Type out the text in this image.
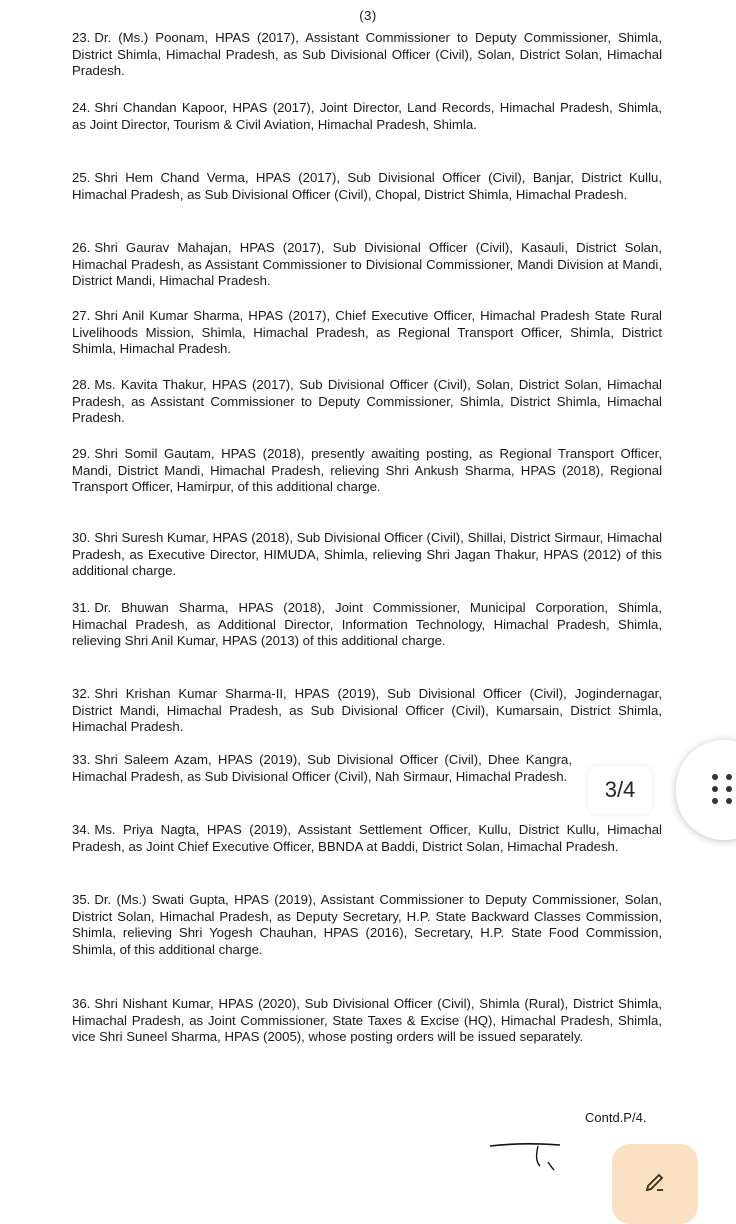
(3)
23. Dr. (Ms.) Poonam, HPAS (2017), Assistant Commissioner to Deputy Commissioner, Shimla, District Shimla, Himachal Pradesh, as Sub Divisional Officer (Civil), Solan, District Solan, Himachal Pradesh.
24. Shri Chandan Kapoor, HPAS (2017), Joint Director, Land Records, Himachal Pradesh, Shimla, as Joint Director, Tourism & Civil Aviation, Himachal Pradesh, Shimla.
25. Shri Hem Chand Verma, HPAS (2017), Sub Divisional Officer (Civil), Banjar, District Kullu, Himachal Pradesh, as Sub Divisional Officer (Civil), Chopal, District Shimla, Himachal Pradesh.
26. Shri Gaurav Mahajan, HPAS (2017), Sub Divisional Officer (Civil), Kasauli, District Solan, Himachal Pradesh, as Assistant Commissioner to Divisional Commissioner, Mandi Division at Mandi, District Mandi, Himachal Pradesh.
27. Shri Anil Kumar Sharma, HPAS (2017), Chief Executive Officer, Himachal Pradesh State Rural Livelihoods Mission, Shimla, Himachal Pradesh, as Regional Transport Officer, Shimla, District Shimla, Himachal Pradesh.
28. Ms. Kavita Thakur, HPAS (2017), Sub Divisional Officer (Civil), Solan, District Solan, Himachal Pradesh, as Assistant Commissioner to Deputy Commissioner, Shimla, District Shimla, Himachal Pradesh.
29. Shri Somil Gautam, HPAS (2018), presently awaiting posting, as Regional Transport Officer, Mandi, District Mandi, Himachal Pradesh, relieving Shri Ankush Sharma, HPAS (2018), Regional Transport Officer, Hamirpur, of this additional charge.
30. Shri Suresh Kumar, HPAS (2018), Sub Divisional Officer (Civil), Shillai, District Sirmaur, Himachal Pradesh, as Executive Director, HIMUDA, Shimla, relieving Shri Jagan Thakur, HPAS (2012) of this additional charge.
31. Dr. Bhuwan Sharma, HPAS (2018), Joint Commissioner, Municipal Corporation, Shimla, Himachal Pradesh, as Additional Director, Information Technology, Himachal Pradesh, Shimla, relieving Shri Anil Kumar, HPAS (2013) of this additional charge.
32. Shri Krishan Kumar Sharma-II, HPAS (2019), Sub Divisional Officer (Civil), Jogindernagar, District Mandi, Himachal Pradesh, as Sub Divisional Officer (Civil), Kumarsain, District Shimla, Himachal Pradesh.
33. Shri Saleem Azam, HPAS (2019), Sub Divisional Officer (Civil), Dhee Kangra, Himachal Pradesh, as Sub Divisional Officer (Civil), Nah Sirmaur, Himachal Pradesh.
34. Ms. Priya Nagta, HPAS (2019), Assistant Settlement Officer, Kullu, District Kullu, Himachal Pradesh, as Joint Chief Executive Officer, BBNDA at Baddi, District Solan, Himachal Pradesh.
35. Dr. (Ms.) Swati Gupta, HPAS (2019), Assistant Commissioner to Deputy Commissioner, Solan, District Solan, Himachal Pradesh, as Deputy Secretary, H.P. State Backward Classes Commission, Shimla, relieving Shri Yogesh Chauhan, HPAS (2016), Secretary, H.P. State Food Commission, Shimla, of this additional charge.
36. Shri Nishant Kumar, HPAS (2020), Sub Divisional Officer (Civil), Shimla (Rural), District Shimla, Himachal Pradesh, as Joint Commissioner, State Taxes & Excise (HQ), Himachal Pradesh, Shimla, vice Shri Suneel Sharma, HPAS (2005), whose posting orders will be issued separately.
Contd.P/4.
3/4
